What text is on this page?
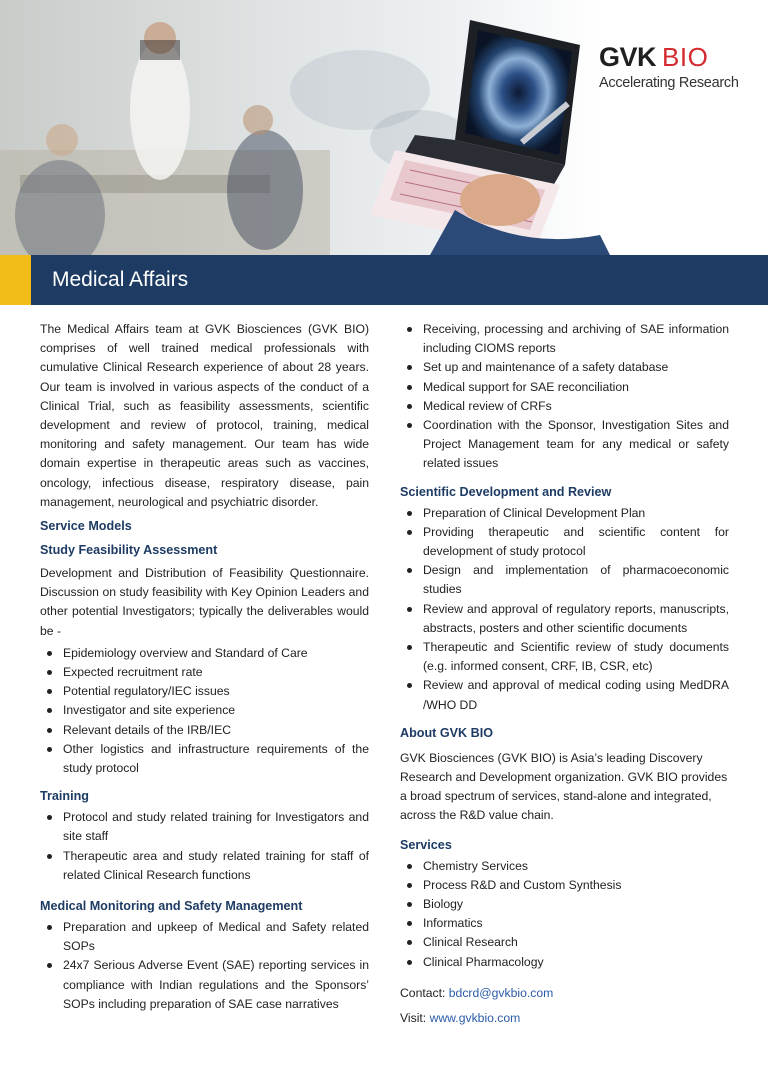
GVK BIO
Accelerating Research
Medical Affairs

The Medical Affairs team at GVK Biosciences (GVK BIO) comprises of well trained medical professionals with cumulative Clinical Research experience of about 28 years. Our team is involved in various aspects of the conduct of a Clinical Trial, such as feasibility assessments, scientific development and review of protocol, training, medical monitoring and safety management. Our team has wide domain expertise in therapeutic areas such as vaccines, oncology, infectious disease, respiratory disease, pain management, neurological and psychiatric disorder.

Service Models
Study Feasibility Assessment

Development and Distribution of Feasibility Questionnaire. Discussion on study feasibility with Key Opinion Leaders and other potential Investigators; typically the deliverables would be -

Epidemiology overview and Standard of Care
Expected recruitment rate
Potential regulatory/IEC issues
Investigator and site experience
Relevant details of the IRB/IEC
Other logistics and infrastructure requirements of the study protocol
Training
Protocol and study related training for Investigators and site staff
Therapeutic area and study related training for staff of related Clinical Research functions
Medical Monitoring and Safety Management
Preparation and upkeep of Medical and Safety related SOPs
24x7 Serious Adverse Event (SAE) reporting services in compliance with Indian regulations and the Sponsors’ SOPs including preparation of SAE case narratives
Receiving, processing and archiving of SAE information including CIOMS reports
Set up and maintenance of a safety database
Medical support for SAE reconciliation
Medical review of CRFs
Coordination with the Sponsor, Investigation Sites and Project Management team for any medical or safety related issues
Scientific Development and Review
Preparation of Clinical Development Plan
Providing therapeutic and scientific content for development of study protocol
Design and implementation of pharmacoeconomic studies
Review and approval of regulatory reports, manuscripts, abstracts, posters and other scientific documents
Therapeutic and Scientific review of study documents (e.g. informed consent, CRF, IB, CSR, etc)
Review and approval of medical coding using MedDRA /WHO DD
About GVK BIO

GVK Biosciences (GVK BIO) is Asia’s leading Discovery Research and Development organization. GVK BIO provides a broad spectrum of services, stand-alone and integrated, across the R&D value chain.

Services
Chemistry Services
Process R&D and Custom Synthesis
Biology
Informatics
Clinical Research
Clinical Pharmacology

Contact: bdcrd@gvkbio.com

Visit: www.gvkbio.com
